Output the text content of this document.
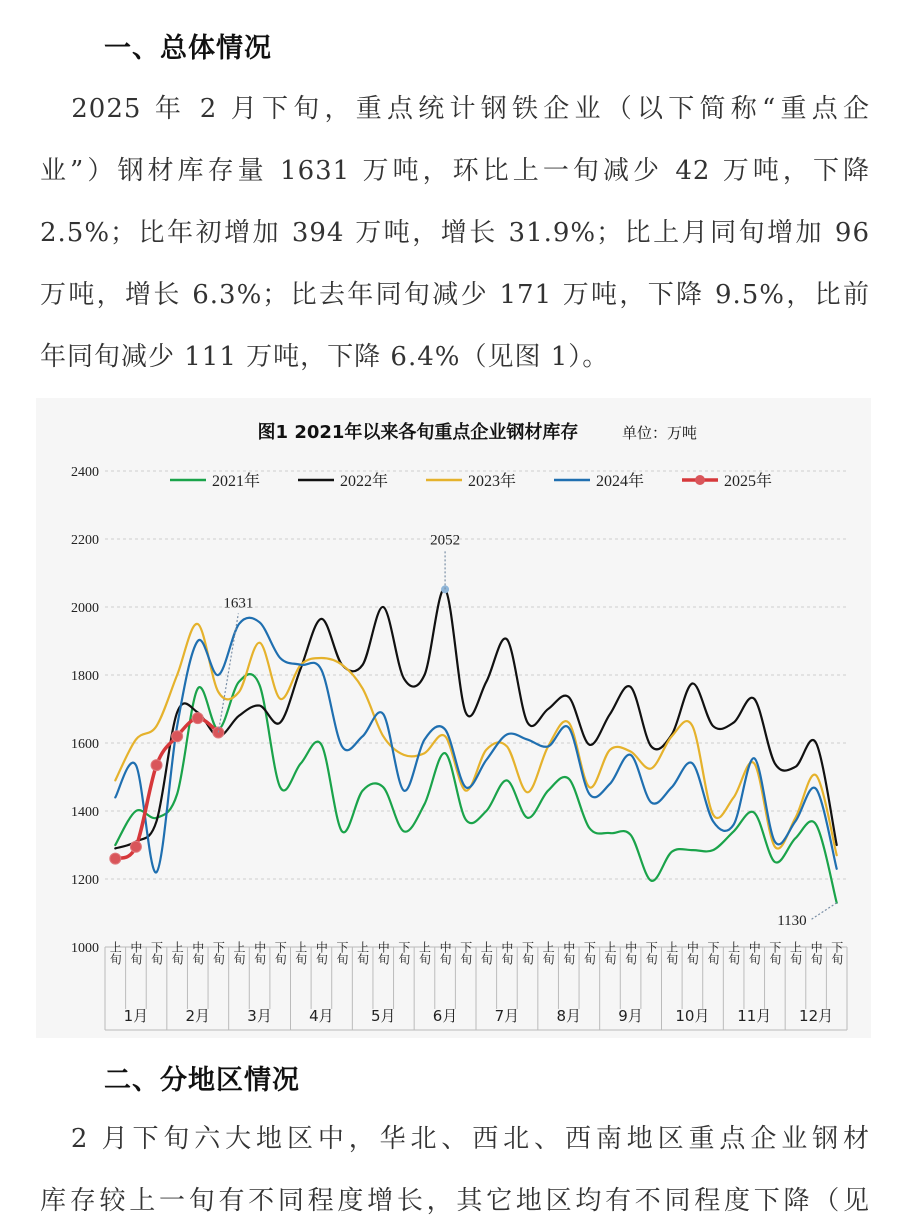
一、总体情况
　2025 年 2 月下旬，重点统计钢铁企业（以下简称“重点企
业”）钢材库存量 1631 万吨，环比上一旬减少 42 万吨，下降
2.5%；比年初增加 394 万吨，增长 31.9%；比上月同旬增加 96
万吨，增长 6.3%；比去年同旬减少 171 万吨，下降 9.5%，比前
年同旬减少 111 万吨，下降 6.4%（见图 1）。
图1 2021年以来各旬重点企业钢材库存	单位：万吨
1000
1200
1400
1600
1800
2000
2200
2400
上旬 中旬 下旬 上旬 中旬 下旬 上旬 中旬 下旬 上旬 中旬 下旬 上旬 中旬 下旬 上旬 中旬 下旬 上旬 中旬 下旬 上旬 中旬 下旬 上旬 中旬 下旬 上旬 中旬 下旬 上旬 中旬 下旬 上旬 中旬 下旬
1月 2月 3月 4月 5月 6月 7月 8月 9月 10月 11月 12月
1631
2052
1130
2021年	2022年	2023年	2024年	2025年
二、分地区情况
　2 月下旬六大地区中，华北、西北、西南地区重点企业钢材
库存较上一旬有不同程度增长，其它地区均有不同程度下降（见
